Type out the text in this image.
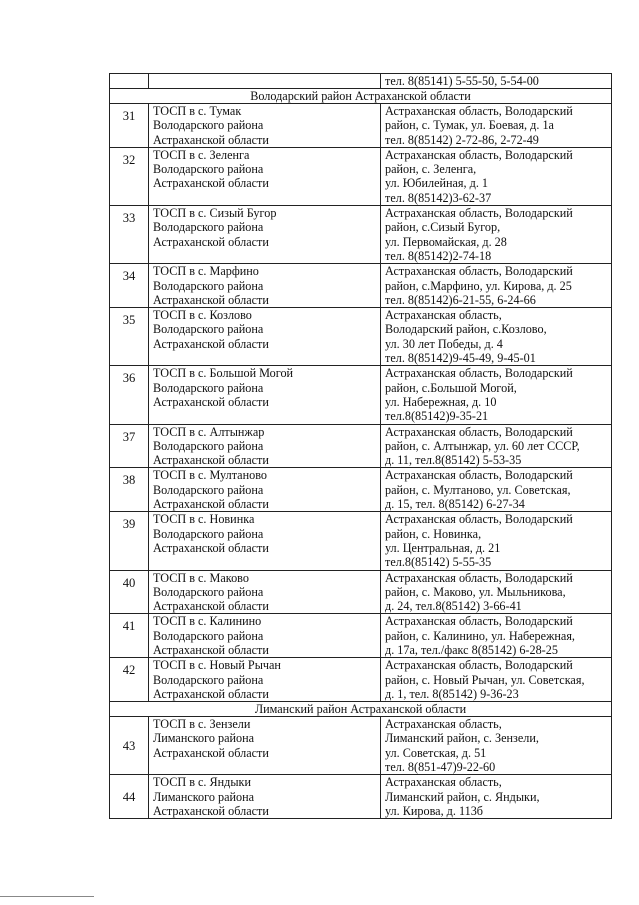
		тел. 8(85141) 5-55-50, 5-54-00
Володарский район Астраханской области		
31	ТОСП в с. Тумак
Володарского района
Астраханской области	Астраханская область, Володарский
район, с. Тумак, ул. Боевая, д. 1а
тел. 8(85142) 2-72-86, 2-72-49

32	ТОСП в с. Зеленга
Володарского района
Астраханской области	Астраханская область, Володарский
район, с. Зеленга,
ул. Юбилейная, д. 1
тел. 8(85142)3-62-37

33	ТОСП в с. Сизый Бугор
Володарского района
Астраханской области	Астраханская область, Володарский
район, с.Сизый Бугор,
ул. Первомайская, д. 28
тел. 8(85142)2-74-18

34	ТОСП в с. Марфино
Володарского района
Астраханской области	Астраханская область, Володарский
район, с.Марфино, ул. Кирова, д. 25
тел. 8(85142)6-21-55, 6-24-66

35	ТОСП в с. Козлово
Володарского района
Астраханской области	Астраханская область,
Володарский район, с.Козлово,
ул. 30 лет Победы, д. 4
тел. 8(85142)9-45-49, 9-45-01

36	ТОСП в с. Большой Могой
Володарского района
Астраханской области	Астраханская область, Володарский
район, с.Большой Могой,
ул. Набережная, д. 10
тел.8(85142)9-35-21

37	ТОСП в с. Алтынжар
Володарского района
Астраханской области	Астраханская область, Володарский
район, с. Алтынжар, ул. 60 лет СССР,
д. 11, тел.8(85142) 5-53-35

38	ТОСП в с. Мултаново
Володарского района
Астраханской области	Астраханская область, Володарский
район, с. Мултаново, ул. Советская,
д. 15, тел. 8(85142) 6-27-34

39	ТОСП в с. Новинка
Володарского района
Астраханской области	Астраханская область, Володарский
район, с. Новинка,
ул. Центральная, д. 21
тел.8(85142) 5-55-35

40	ТОСП в с. Маково
Володарского района
Астраханской области	Астраханская область, Володарский
район, с. Маково, ул. Мыльникова,
д. 24, тел.8(85142) 3-66-41

41	ТОСП в с. Калинино
Володарского района
Астраханской области	Астраханская область, Володарский
район, с. Калинино, ул. Набережная,
д. 17а, тел./факс 8(85142) 6-28-25

42	ТОСП в с. Новый Рычан
Володарского района
Астраханской области	Астраханская область, Володарский
район, с. Новый Рычан, ул. Советская,
д. 1, тел. 8(85142) 9-36-23

Лиманский район Астраханской области		
43	ТОСП в с. Зензели
Лиманского района
Астраханской области	Астраханская область,
Лиманский район, с. Зензели,
ул. Советская, д. 51
тел. 8(851-47)9-22-60

44	ТОСП в с. Яндыки
Лиманского района
Астраханской области	Астраханская область,
Лиманский район, с. Яндыки,
ул. Кирова, д. 113б
